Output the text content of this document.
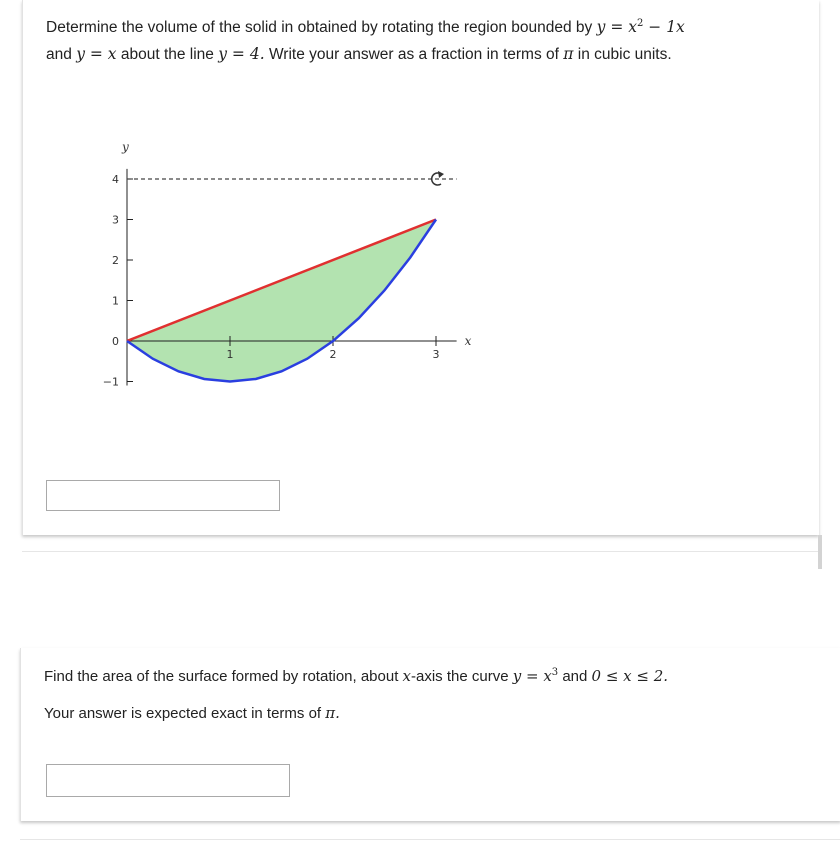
Determine the volume of the solid in obtained by rotating the region bounded by $y = x^2 - 1x$
and y = x about the line y = 4. Write your answer as a fraction in terms of π in cubic units.
−1
0
1
2
3
4
1	2	3
y
x
Find the area of the surface formed by rotation, about x-axis the curve $y = x^3$ and 0 ≤ x ≤ 2.
Your answer is expected exact in terms of π.
